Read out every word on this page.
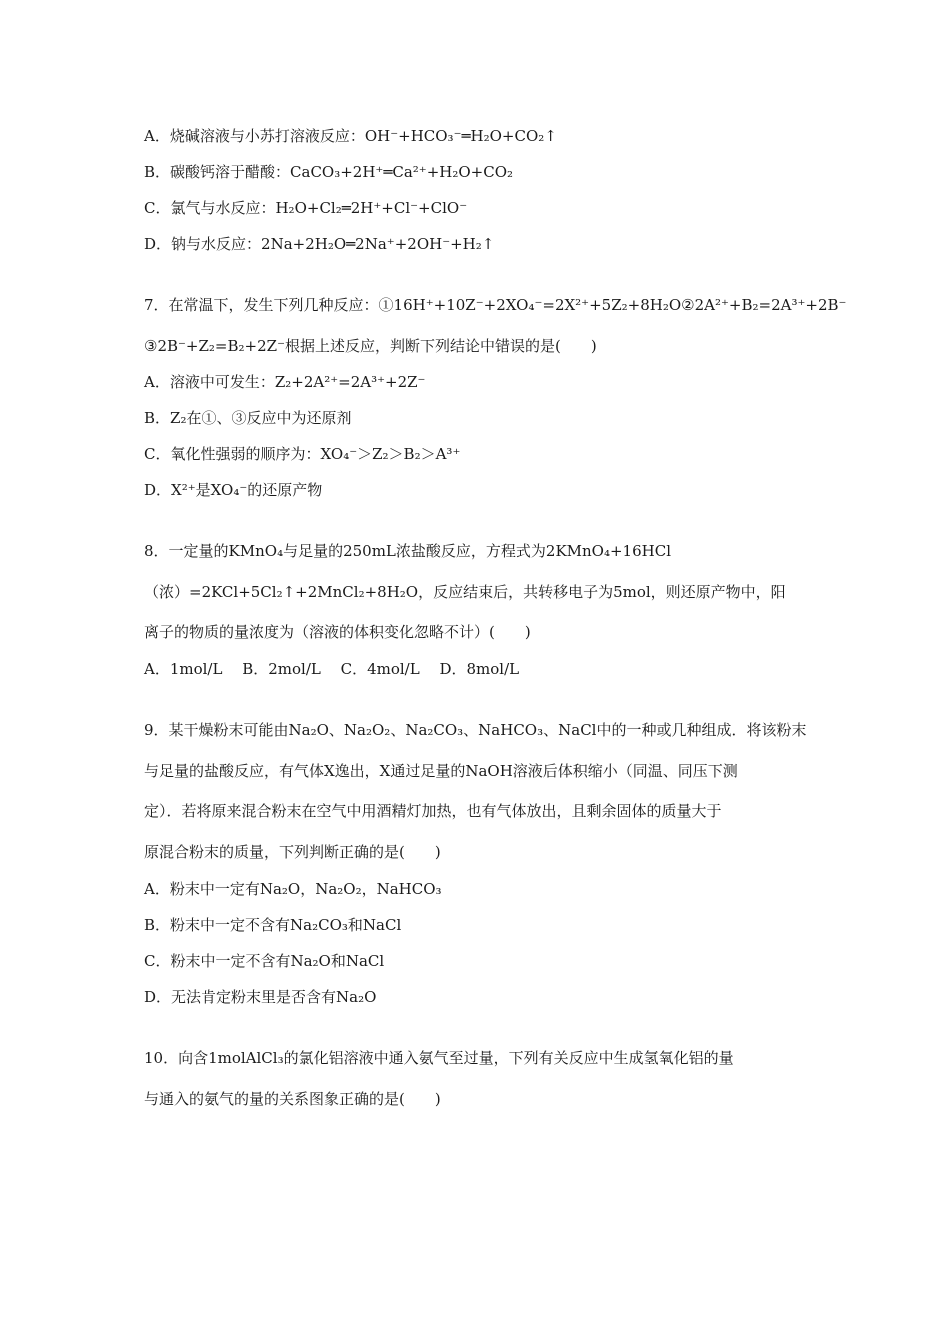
A．烧碱溶液与小苏打溶液反应：OH⁻+HCO₃⁻═H₂O+CO₂↑
B．碳酸钙溶于醋酸：CaCO₃+2H⁺═Ca²⁺+H₂O+CO₂
C．氯气与水反应：H₂O+Cl₂═2H⁺+Cl⁻+ClO⁻
D．钠与水反应：2Na+2H₂O═2Na⁺+2OH⁻+H₂↑
7．在常温下，发生下列几种反应：①16H⁺+10Z⁻+2XO₄⁻=2X²⁺+5Z₂+8H₂O②2A²⁺+B₂=2A³⁺+2B⁻
③2B⁻+Z₂=B₂+2Z⁻根据上述反应，判断下列结论中错误的是(　　)
A．溶液中可发生：Z₂+2A²⁺=2A³⁺+2Z⁻
B．Z₂在①、③反应中为还原剂
C．氧化性强弱的顺序为：XO₄⁻＞Z₂＞B₂＞A³⁺
D．X²⁺是XO₄⁻的还原产物
8．一定量的KMnO₄与足量的250mL浓盐酸反应，方程式为2KMnO₄+16HCl
（浓）=2KCl+5Cl₂↑+2MnCl₂+8H₂O，反应结束后，共转移电子为5mol，则还原产物中，阳
离子的物质的量浓度为（溶液的体积变化忽略不计）(　　)
A．1mol/L　 B．2mol/L　 C．4mol/L　 D．8mol/L
9．某干燥粉末可能由Na₂O、Na₂O₂、Na₂CO₃、NaHCO₃、NaCl中的一种或几种组成．将该粉末
与足量的盐酸反应，有气体X逸出，X通过足量的NaOH溶液后体积缩小（同温、同压下测
定）．若将原来混合粉末在空气中用酒精灯加热，也有气体放出，且剩余固体的质量大于
原混合粉末的质量，下列判断正确的是(　　)
A．粉末中一定有Na₂O，Na₂O₂，NaHCO₃
B．粉末中一定不含有Na₂CO₃和NaCl
C．粉末中一定不含有Na₂O和NaCl
D．无法肯定粉末里是否含有Na₂O
10．向含1molAlCl₃的氯化铝溶液中通入氨气至过量，下列有关反应中生成氢氧化铝的量
与通入的氨气的量的关系图象正确的是(　　)
